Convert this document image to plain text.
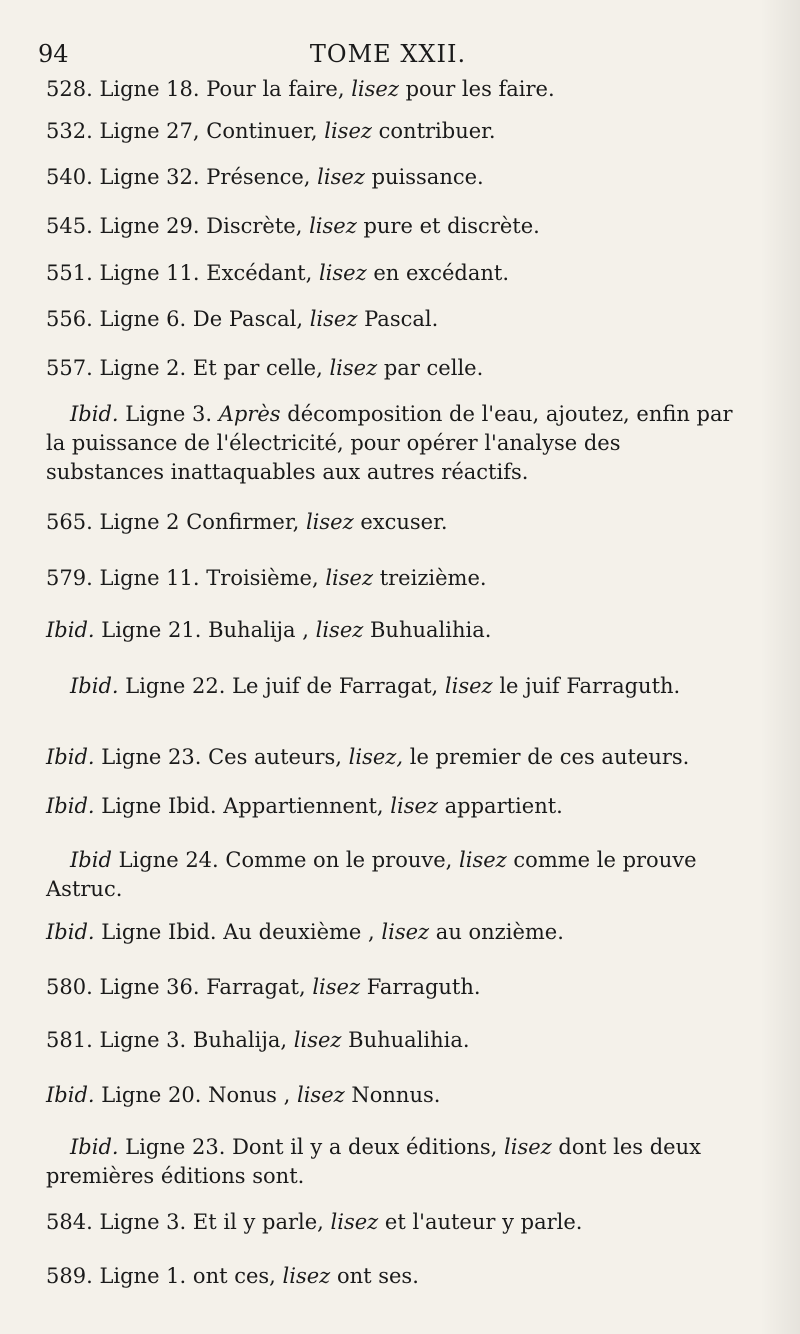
94	TOME XXII.
528. Ligne 18. Pour la faire, lisez pour les faire.
532. Ligne 27, Continuer, lisez contribuer.
540. Ligne 32. Présence, lisez puissance.
545. Ligne 29. Discrète, lisez pure et discrète.
551. Ligne 11. Excédant, lisez en excédant.
556. Ligne 6. De Pascal, lisez Pascal.
557. Ligne 2. Et par celle, lisez par celle.
Ibid. Ligne 3. Après décomposition de l'eau, ajoutez, enfin par la puissance de l'électricité, pour opérer l'analyse des substances inattaquables aux autres réactifs.
565. Ligne 2 Confirmer, lisez excuser.
579. Ligne 11. Troisième, lisez treizième.
Ibid. Ligne 21. Buhalija , lisez Buhualihia.
Ibid. Ligne 22. Le juif de Farragat, lisez le juif Farraguth.
Ibid. Ligne 23. Ces auteurs, lisez, le premier de ces auteurs.
Ibid. Ligne Ibid. Appartiennent, lisez appartient.
Ibid Ligne 24. Comme on le prouve, lisez comme le prouve Astruc.
Ibid. Ligne Ibid. Au deuxième , lisez au onzième.
580. Ligne 36. Farragat, lisez Farraguth.
581. Ligne 3. Buhalija, lisez Buhualihia.
Ibid. Ligne 20. Nonus , lisez Nonnus.
Ibid. Ligne 23. Dont il y a deux éditions, lisez dont les deux premières éditions sont.
584. Ligne 3. Et il y parle, lisez et l'auteur y parle.
589. Ligne 1. ont ces, lisez ont ses.
